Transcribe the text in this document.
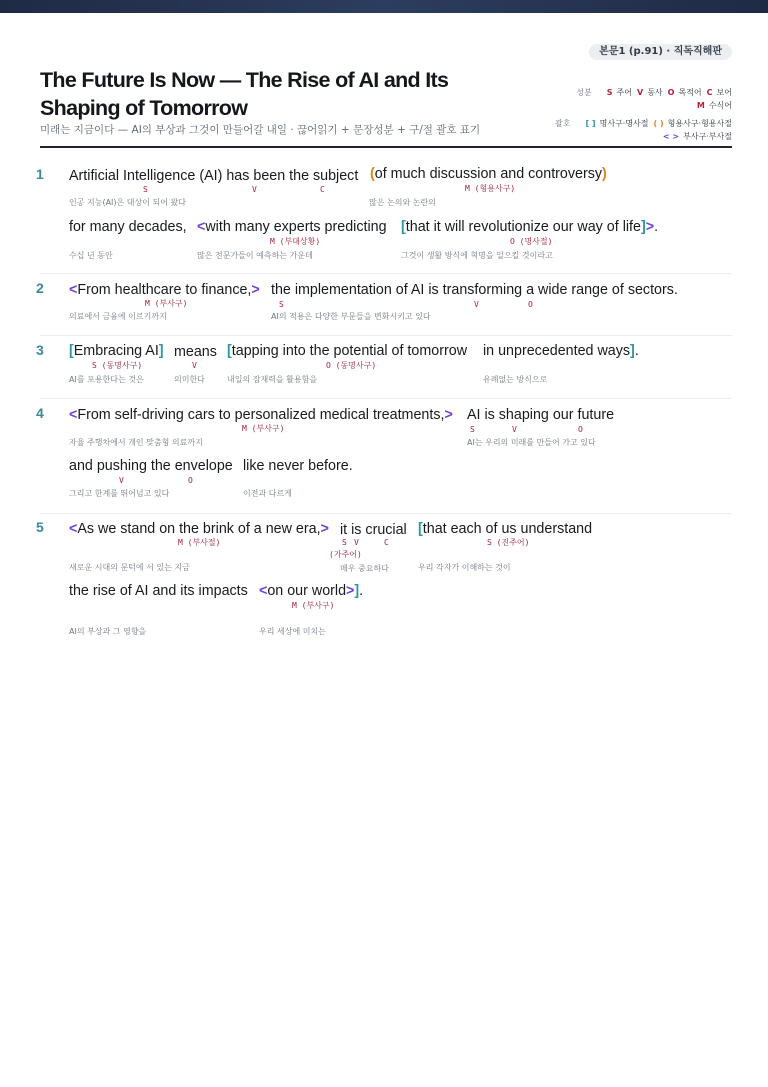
본문1 (p.91) · 직독직해판
The Future Is Now — The Rise of AI and Its Shaping of Tomorrow
미래는 지금이다 — AI의 부상과 그것이 만들어갈 내일 · 끊어읽기 + 문장성분 + 구/절 괄호 표기
성분 S 주어 V 동사 O 목적어 C 보어
M 수식어
괄호 [ ] 명사구·명사절 ( ) 형용사구·형용사절
< > 부사구·부사절
1 Artificial Intelligence (AI) has been the subject (of much discussion and controversy)
S	V	C	M (형용사구)
인공 지능(AI)은 대상이 되어 왔다	많은 논의와 논란의
for many decades, <with many experts predicting [that it will revolutionize our way of life]>.
M (부대상황)	O (명사절)
수십 년 동안	많은 전문가들이 예측하는 가운데	그것이 생활 방식에 혁명을 일으킬 것이라고
2 <From healthcare to finance,> the implementation of AI is transforming a wide range of sectors.
M (부사구)	S	V	O
의료에서 금융에 이르기까지	AI의 적용은 다양한 부문들을 변화시키고 있다
3 [Embracing AI] means [tapping into the potential of tomorrow in unprecedented ways].
S (동명사구)	V	O (동명사구)
AI를 포용한다는 것은	의미한다	내일의 잠재력을 활용함을	유례없는 방식으로
4 <From self-driving cars to personalized medical treatments,> AI is shaping our future
M (부사구)	S	V	O
자율 주행차에서 개인 맞춤형 의료까지	AI는 우리의 미래를 만들어 가고 있다
and pushing the envelope like never before.
V	O
그리고 한계를 뛰어넘고 있다	이전과 다르게
5 <As we stand on the brink of a new era,> it is crucial [that each of us understand
M (부사절)	S V	C	S (진주어)
(가주어)
새로운 시대의 문턱에 서 있는 지금	매우 중요하다	우리 각자가 이해하는 것이
the rise of AI and its impacts <on our world>].
M (부사구)
AI의 부상과 그 영향을	우리 세상에 미치는
